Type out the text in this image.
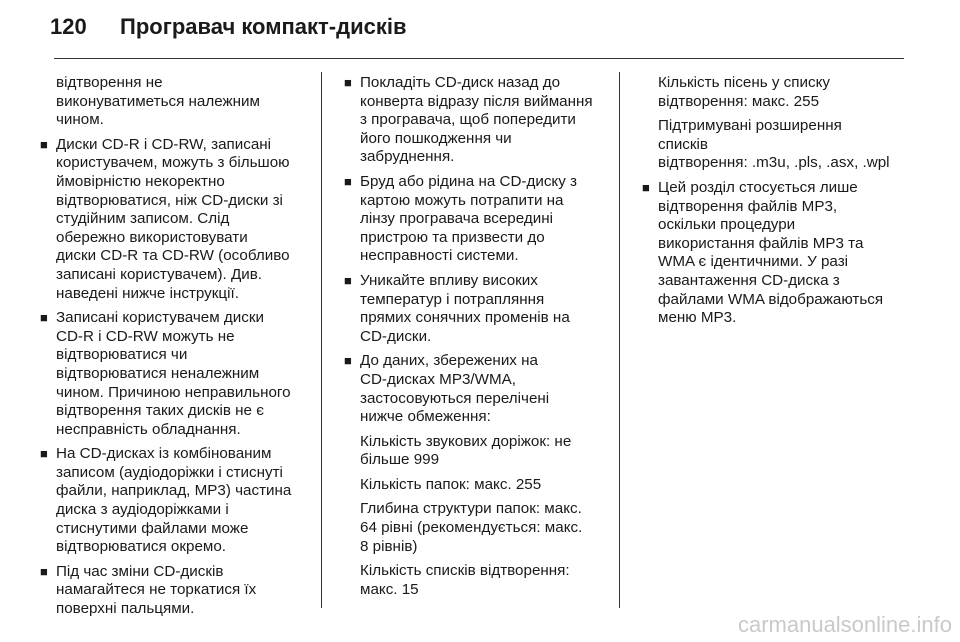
120	Програвач компакт-дисків
відтворення не
виконуватиметься належним
чином.
■ Диски CD-R і CD-RW, записані
користувачем, можуть з більшою
ймовірністю некоректно
відтворюватися, ніж CD-диски зі
студійним записом. Слід
обережно використовувати
диски CD-R та CD-RW (особливо
записані користувачем). Див.
наведені нижче інструкції.
■ Записані користувачем диски
CD-R і CD-RW можуть не
відтворюватися чи
відтворюватися неналежним
чином. Причиною неправильного
відтворення таких дисків не є
несправність обладнання.
■ На CD-дисках із комбінованим
записом (аудіодоріжки і стиснуті
файли, наприклад, MP3) частина
диска з аудіодоріжками і
стиснутими файлами може
відтворюватися окремо.
■ Під час зміни CD-дисків
намагайтеся не торкатися їх
поверхні пальцями.
■ Покладіть CD-диск назад до
конверта відразу після виймання
з програвача, щоб попередити
його пошкодження чи
забруднення.
■ Бруд або рідина на CD-диску з
картою можуть потрапити на
лінзу програвача всередині
пристрою та призвести до
несправності системи.
■ Уникайте впливу високих
температур і потрапляння
прямих сонячних променів на
CD-диски.
■ До даних, збережених на
CD-дисках MP3/WMA,
застосовуються перелічені
нижче обмеження:
Кількість звукових доріжок: не
більше 999
Кількість папок: макс. 255
Глибина структури папок: макс.
64 рівні (рекомендується: макс.
8 рівнів)
Кількість списків відтворення:
макс. 15
Кількість пісень у списку
відтворення: макс. 255
Підтримувані розширення
списків
відтворення: .m3u, .pls, .asx, .wpl
■ Цей розділ стосується лише
відтворення файлів MP3,
оскільки процедури
використання файлів MP3 та
WMA є ідентичними. У разі
завантаження CD-диска з
файлами WMA відображаються
меню MP3.
carmanualsonline.info
